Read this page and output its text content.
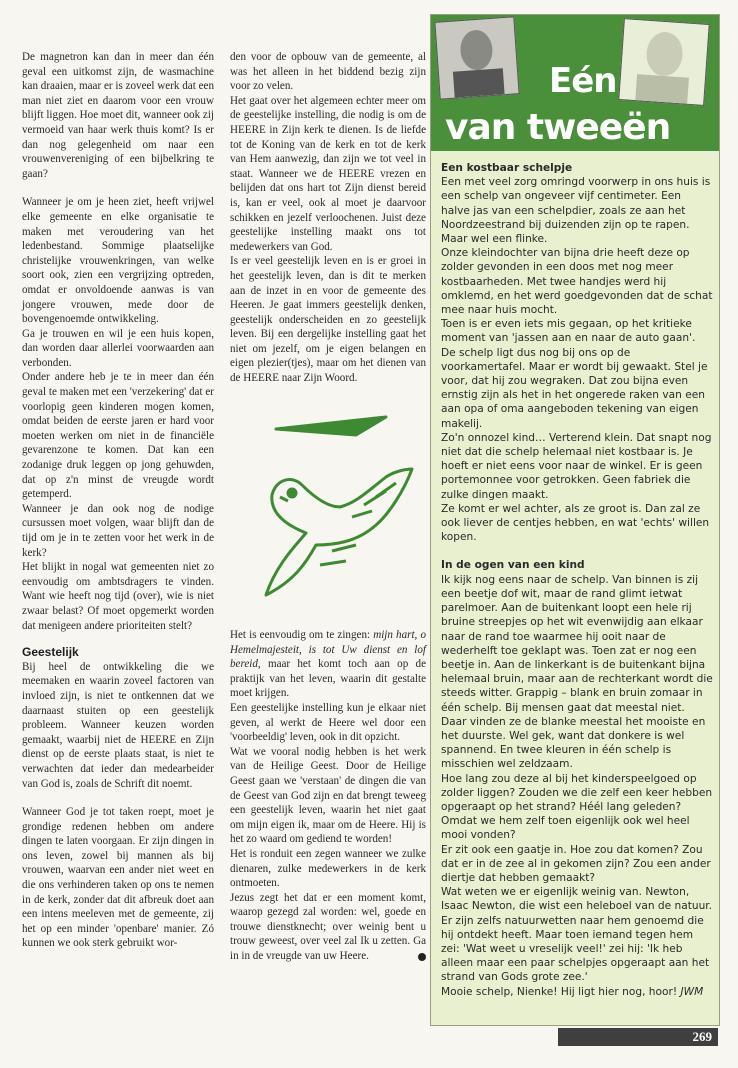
De magnetron kan dan in meer dan één geval een uitkomst zijn, de wasmachine kan draaien, maar er is zoveel werk dat een man niet ziet en daarom voor een vrouw blijft liggen. Hoe moet dit, wanneer ook zij vermoeid van haar werk thuis komt? Is er dan nog gelegenheid om naar een vrouwenvereniging of een bijbelkring te gaan?

Wanneer je om je heen ziet, heeft vrijwel elke gemeente en elke organisatie te maken met veroudering van het ledenbestand. Sommige plaatselijke christelijke vrouwenkringen, van welke soort ook, zien een vergrijzing optreden, omdat er onvoldoende aanwas is van jongere vrouwen, mede door de bovengenoemde ontwikkeling.

Ga je trouwen en wil je een huis kopen, dan worden daar allerlei voorwaarden aan verbonden.

Onder andere heb je te in meer dan één geval te maken met een 'verzekering' dat er voorlopig geen kinderen mogen komen, omdat beiden de eerste jaren er hard voor moeten werken om niet in de financiële gevarenzone te komen. Dat kan een zodanige druk leggen op jong gehuwden, dat op z'n minst de vreugde wordt getemperd.

Wanneer je dan ook nog de nodige cursussen moet volgen, waar blijft dan de tijd om je in te zetten voor het werk in de kerk?

Het blijkt in nogal wat gemeenten niet zo eenvoudig om ambtsdragers te vinden. Want wie heeft nog tijd (over), wie is niet zwaar belast? Of moet opgemerkt worden dat menigeen andere prioriteiten stelt?

Geestelijk

Bij heel de ontwikkeling die we meemaken en waarin zoveel factoren van invloed zijn, is niet te ontkennen dat we daarnaast stuiten op een geestelijk probleem. Wanneer keuzen worden gemaakt, waarbij niet de HEERE en Zijn dienst op de eerste plaats staat, is niet te verwachten dat ieder dan medearbeider van God is, zoals de Schrift dit noemt.

Wanneer God je tot taken roept, moet je grondige redenen hebben om andere dingen te laten voorgaan. Er zijn dingen in ons leven, zowel bij mannen als bij vrouwen, waarvan een ander niet weet en die ons verhinderen taken op ons te nemen in de kerk, zonder dat dit afbreuk doet aan een intens meeleven met de gemeente, zij het op een minder 'openbare' manier. Zó kunnen we ook sterk gebruikt wor-

den voor de opbouw van de gemeente, al was het alleen in het biddend bezig zijn voor zo velen.

Het gaat over het algemeen echter meer om de geestelijke instelling, die nodig is om de HEERE in Zijn kerk te dienen. Is de liefde tot de Koning van de kerk en tot de kerk van Hem aanwezig, dan zijn we tot veel in staat. Wanneer we de HEERE vrezen en belijden dat ons hart tot Zijn dienst bereid is, kan er veel, ook al moet je daarvoor schikken en jezelf verloochenen. Juist deze geestelijke instelling maakt ons tot medewerkers van God.

Is er veel geestelijk leven en is er groei in het geestelijk leven, dan is dit te merken aan de inzet in en voor de gemeente des Heeren. Je gaat immers geestelijk denken, geestelijk onderscheiden en zo geestelijk leven. Bij een dergelijke instelling gaat het niet om jezelf, om je eigen belangen en eigen plezier(tjes), maar om het dienen van de HEERE naar Zijn Woord.

Het is eenvoudig om te zingen: mijn hart, o Hemelmajesteit, is tot Uw dienst en lof bereid, maar het komt toch aan op de praktijk van het leven, waarin dit gestalte moet krijgen.

Een geestelijke instelling kun je elkaar niet geven, al werkt de Heere wel door een 'voorbeeldig' leven, ook in dit opzicht.

Wat we vooral nodig hebben is het werk van de Heilige Geest. Door de Heilige Geest gaan we 'verstaan' de dingen die van de Geest van God zijn en dat brengt teweeg een geestelijk leven, waarin het niet gaat om mijn eigen ik, maar om de Heere. Hij is het zo waard om gediend te worden!

Het is ronduit een zegen wanneer we zulke dienaren, zulke medewerkers in de kerk ontmoeten.

Jezus zegt het dat er een moment komt, waarop gezegd zal worden: wel, goede en trouwe dienstknecht; over weinig bent u trouw geweest, over veel zal Ik u zetten. Ga in in de vreugde van uw Heere.

Eén
van tweeën
Een kostbaar schelpje

Een met veel zorg omringd voorwerp in ons huis is een schelp van ongeveer vijf centimeter. Een halve jas van een schelpdier, zoals ze aan het Noordzeestrand bij duizenden zijn op te rapen. Maar wel een flinke.

Onze kleindochter van bijna drie heeft deze op zolder gevonden in een doos met nog meer kostbaarheden. Met twee handjes werd hij omklemd, en het werd goedgevonden dat de schat mee naar huis mocht.

Toen is er even iets mis gegaan, op het kritieke moment van 'jassen aan en naar de auto gaan'. De schelp ligt dus nog bij ons op de voorkamertafel. Maar er wordt bij gewaakt. Stel je voor, dat hij zou wegraken. Dat zou bijna even ernstig zijn als het in het ongerede raken van een aan opa of oma aangeboden tekening van eigen makelij.

Zo'n onnozel kind… Verterend klein. Dat snapt nog niet dat die schelp helemaal niet kostbaar is. Je hoeft er niet eens voor naar de winkel. Er is geen portemonnee voor getrokken. Geen fabriek die zulke dingen maakt.

Ze komt er wel achter, als ze groot is. Dan zal ze ook liever de centjes hebben, en wat 'echts' willen kopen.

In de ogen van een kind

Ik kijk nog eens naar de schelp. Van binnen is zij een beetje dof wit, maar de rand glimt ietwat parelmoer. Aan de buitenkant loopt een hele rij bruine streepjes op het wit evenwijdig aan elkaar naar de rand toe waarmee hij ooit naar de wederhelft toe geklapt was. Toen zat er nog een beetje in. Aan de linkerkant is de buitenkant bijna helemaal bruin, maar aan de rechterkant wordt die steeds witter. Grappig – blank en bruin zomaar in één schelp. Bij mensen gaat dat meestal niet. Daar vinden ze de blanke meestal het mooiste en het duurste. Wel gek, want dat donkere is wel spannend. En twee kleuren in één schelp is misschien wel zeldzaam.

Hoe lang zou deze al bij het kinderspeelgoed op zolder liggen? Zouden we die zelf een keer hebben opgeraapt op het strand? Héél lang geleden? Omdat we hem zelf toen eigenlijk ook wel heel mooi vonden?

Er zit ook een gaatje in. Hoe zou dat komen? Zou dat er in de zee al in gekomen zijn? Zou een ander diertje dat hebben gemaakt?

Wat weten we er eigenlijk weinig van. Newton, Isaac Newton, die wist een heleboel van de natuur. Er zijn zelfs natuurwetten naar hem genoemd die hij ontdekt heeft. Maar toen iemand tegen hem zei: 'Wat weet u vreselijk veel!' zei hij: 'Ik heb alleen maar een paar schelpjes opgeraapt aan het strand van Gods grote zee.'

Mooie schelp, Nienke! Hij ligt hier nog, hoor! JWM

269
